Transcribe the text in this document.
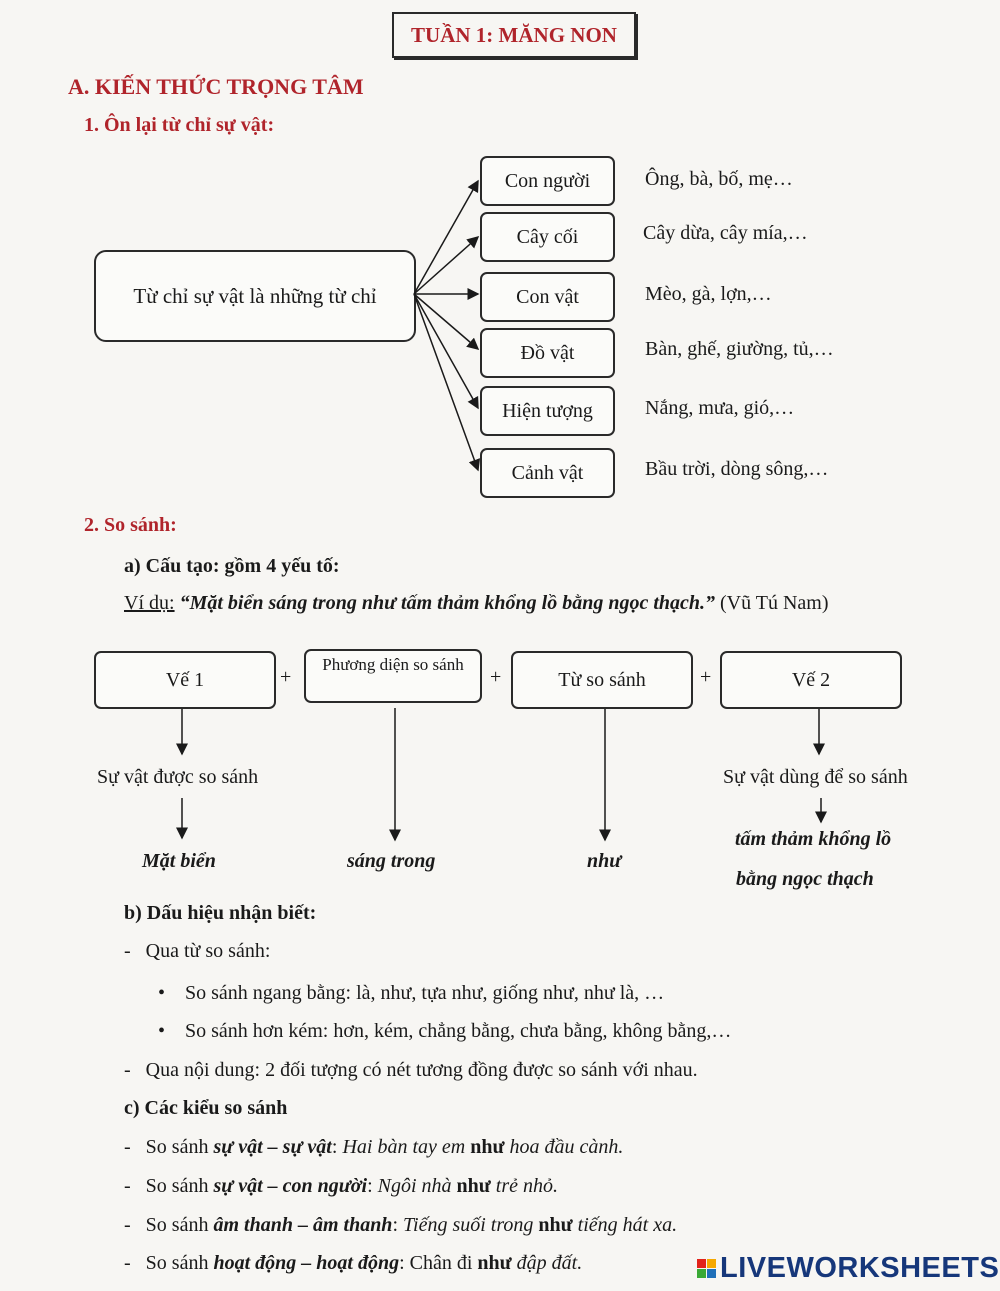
TUẦN 1: MĂNG NON
A. KIẾN THỨC TRỌNG TÂM
1. Ôn lại từ chỉ sự vật:
Từ chỉ sự vật là những từ chỉ
Con người
Cây cối
Con vật
Đồ vật
Hiện tượng
Cảnh vật
Ông, bà, bố, mẹ…
Cây dừa, cây mía,…
Mèo, gà, lợn,…
Bàn, ghế, giường, tủ,…
Nắng, mưa, gió,…
Bầu trời, dòng sông,…
2. So sánh:
a) Cấu tạo: gồm 4 yếu tố:
Ví dụ: “Mặt biển sáng trong như tấm thảm khổng lồ bằng ngọc thạch.” (Vũ Tú Nam)
Vế 1
Phương diện so sánh
Từ so sánh	Vế 2
+	+	+
Sự vật được so sánh	Sự vật dùng để so sánh
Mặt biển	sáng trong	như
tấm thảm khổng lồ
bằng ngọc thạch
b) Dấu hiệu nhận biết:
-   Qua từ so sánh:
•    So sánh ngang bằng: là, như, tựa như, giống như, như là, …
•    So sánh hơn kém: hơn, kém, chẳng bằng, chưa bằng, không bằng,…
-   Qua nội dung: 2 đối tượng có nét tương đồng được so sánh với nhau.
c) Các kiểu so sánh
-   So sánh sự vật – sự vật: Hai bàn tay em như hoa đầu cành.
-   So sánh sự vật – con người: Ngôi nhà như trẻ nhỏ.
-   So sánh âm thanh – âm thanh: Tiếng suối trong như tiếng hát xa.
-   So sánh hoạt động – hoạt động: Chân đi như đập đất.	LIVEWORKSHEETS
